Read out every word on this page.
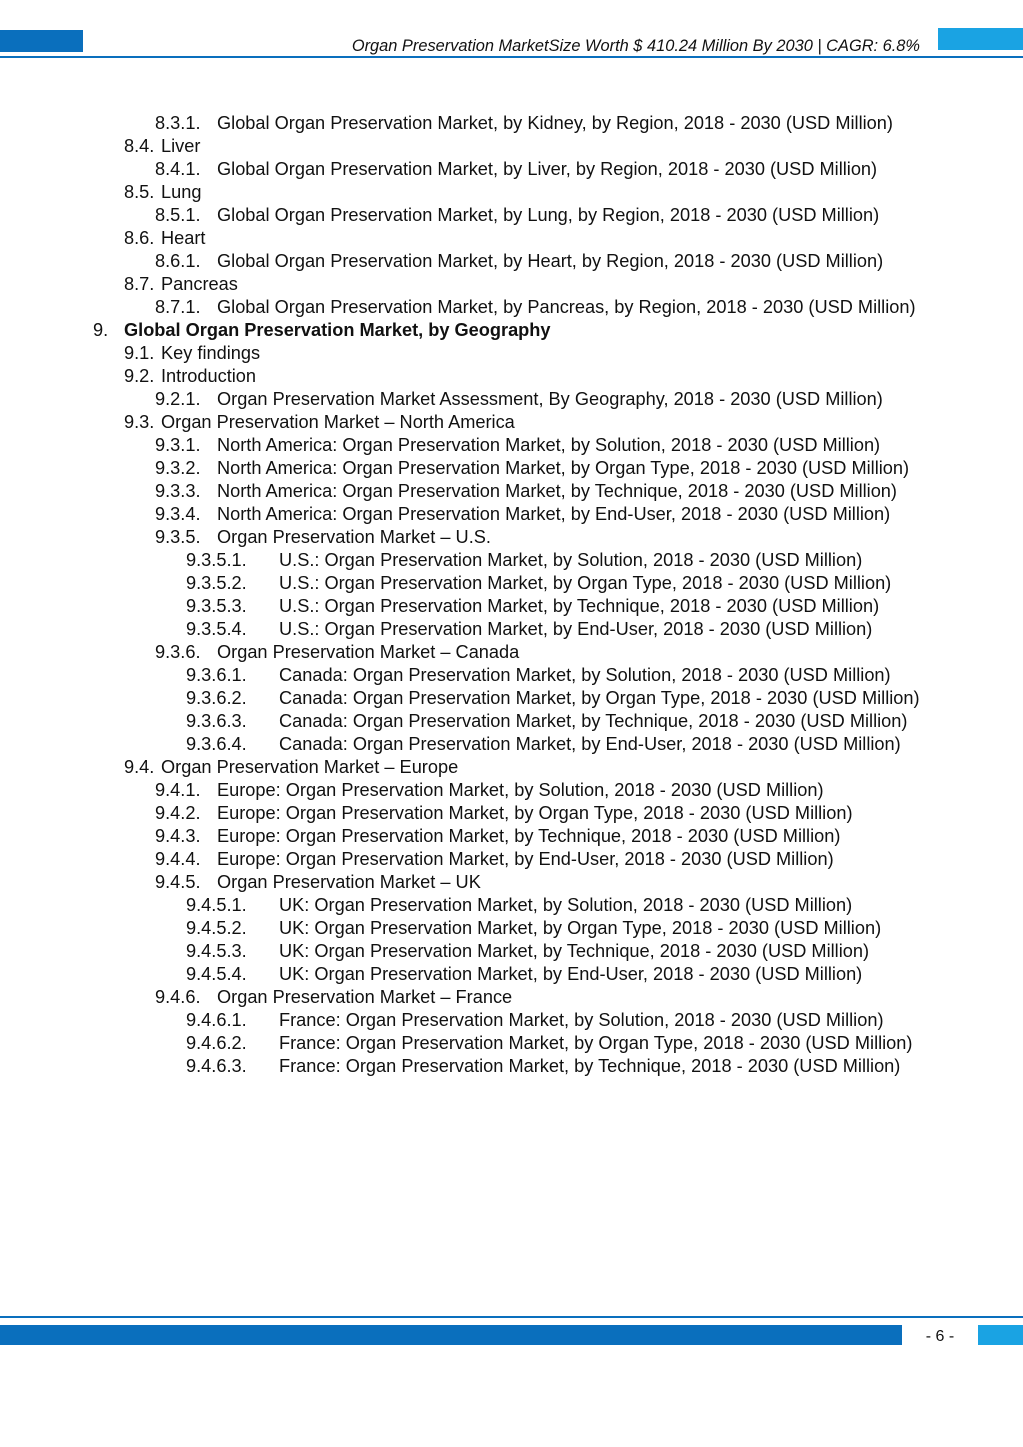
Organ Preservation MarketSize Worth $ 410.24 Million By 2030 | CAGR: 6.8%
8.3.1. Global Organ Preservation Market, by Kidney, by Region, 2018 - 2030 (USD Million)
8.4. Liver
8.4.1. Global Organ Preservation Market, by Liver, by Region, 2018 - 2030 (USD Million)
8.5. Lung
8.5.1. Global Organ Preservation Market, by Lung, by Region, 2018 - 2030 (USD Million)
8.6. Heart
8.6.1. Global Organ Preservation Market, by Heart, by Region, 2018 - 2030 (USD Million)
8.7. Pancreas
8.7.1. Global Organ Preservation Market, by Pancreas, by Region, 2018 - 2030 (USD Million)
9. Global Organ Preservation Market, by Geography
9.1. Key findings
9.2. Introduction
9.2.1. Organ Preservation Market Assessment, By Geography, 2018 - 2030 (USD Million)
9.3. Organ Preservation Market – North America
9.3.1. North America: Organ Preservation Market, by Solution, 2018 - 2030 (USD Million)
9.3.2. North America: Organ Preservation Market, by Organ Type, 2018 - 2030 (USD Million)
9.3.3. North America: Organ Preservation Market, by Technique, 2018 - 2030 (USD Million)
9.3.4. North America: Organ Preservation Market, by End-User, 2018 - 2030 (USD Million)
9.3.5. Organ Preservation Market – U.S.
9.3.5.1.	U.S.: Organ Preservation Market, by Solution, 2018 - 2030 (USD Million)
9.3.5.2.	U.S.: Organ Preservation Market, by Organ Type, 2018 - 2030 (USD Million)
9.3.5.3.	U.S.: Organ Preservation Market, by Technique, 2018 - 2030 (USD Million)
9.3.5.4.	U.S.: Organ Preservation Market, by End-User, 2018 - 2030 (USD Million)
9.3.6. Organ Preservation Market – Canada
9.3.6.1.	Canada: Organ Preservation Market, by Solution, 2018 - 2030 (USD Million)
9.3.6.2.	Canada: Organ Preservation Market, by Organ Type, 2018 - 2030 (USD Million)
9.3.6.3.	Canada: Organ Preservation Market, by Technique, 2018 - 2030 (USD Million)
9.3.6.4.	Canada: Organ Preservation Market, by End-User, 2018 - 2030 (USD Million)
9.4. Organ Preservation Market – Europe
9.4.1. Europe: Organ Preservation Market, by Solution, 2018 - 2030 (USD Million)
9.4.2. Europe: Organ Preservation Market, by Organ Type, 2018 - 2030 (USD Million)
9.4.3. Europe: Organ Preservation Market, by Technique, 2018 - 2030 (USD Million)
9.4.4. Europe: Organ Preservation Market, by End-User, 2018 - 2030 (USD Million)
9.4.5. Organ Preservation Market – UK
9.4.5.1.	UK: Organ Preservation Market, by Solution, 2018 - 2030 (USD Million)
9.4.5.2.	UK: Organ Preservation Market, by Organ Type, 2018 - 2030 (USD Million)
9.4.5.3.	UK: Organ Preservation Market, by Technique, 2018 - 2030 (USD Million)
9.4.5.4.	UK: Organ Preservation Market, by End-User, 2018 - 2030 (USD Million)
9.4.6. Organ Preservation Market – France
9.4.6.1.	France: Organ Preservation Market, by Solution, 2018 - 2030 (USD Million)
9.4.6.2.	France: Organ Preservation Market, by Organ Type, 2018 - 2030 (USD Million)
9.4.6.3.	France: Organ Preservation Market, by Technique, 2018 - 2030 (USD Million)
- 6 -
